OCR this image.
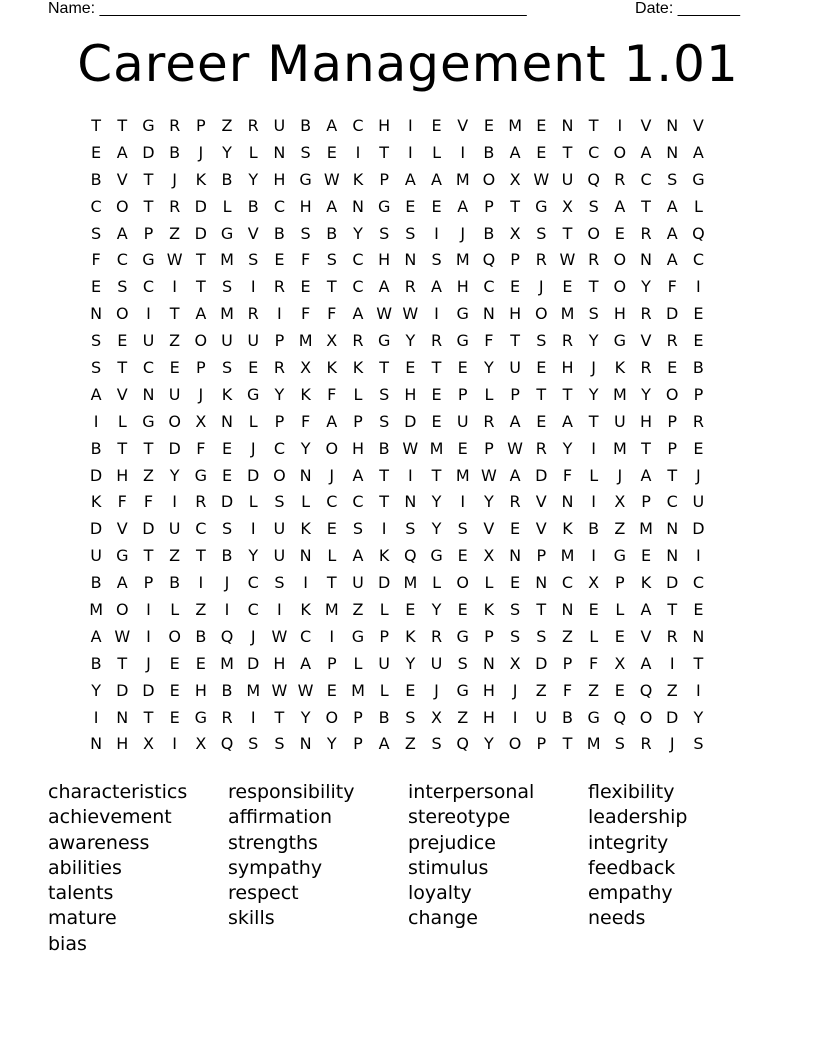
Name: ________________________________________________	Date: _______
Career Management 1.01
T	T G R P Z R U B A C H	I	E V E M E N T	I	V N V
E A D B	J	Y	L N S	E	I	T	I	L	I	B A E	T C O A N A
B V T	J	K B Y H G W K	P A A M O X W U Q R C S G
C O T R D L	B C H A N G E	E A P	T G X S A T A	L
S A P Z D G V B S B Y	S	S	I	J	B X S	T O E R A Q
F	C G W T M S	E	F	S C H N S M Q P R W R O N A C
E	S C	I	T	S	I	R E	T C A R A H C E	J	E	T O Y	F	I
N O	I	T A M R	I	F	F	A W W I	G N H O M S H R D E
S	E U Z O U U P M X R G Y R G F	T	S R Y G V R E
S	T C E	P	S	E R X K K	T	E	T	E	Y U E H	J	K R E B
A V N U	J	K G Y	K	F	L	S H E	P	L	P	T	T	Y M Y O P
I	L G O X N L	P	F	A P	S D E U R A E A T U H P R
B T	T D F	E	J	C Y O H B W M E	P W R Y	I	M T	P	E
D H Z Y G E D O N	J	A T	I	T M W A D F	L	J	A T	J
K	F	F	I	R D L	S	L	C C T N Y	I	Y R V N	I	X P C U
D V D U C S	I	U K E	S	I	S	Y	S V E V K B Z M N D
U G T Z T B Y U N L	A K Q G E X N P M	I	G E N	I
B A P B	I	J	C S	I	T U D M L O L	E N C X P	K D C
M O	I	L	Z	I	C	I	K M Z	L	E	Y	E K S	T N E	L	A T	E
A W I	O B Q	J W C	I	G P	K R G P	S	S Z	L	E V R N
B T	J	E	E M D H A P	L U Y U S N X D P	F	X A	I	T
Y D D E H B M W W E M L	E	J	G H	J	Z	F	Z E Q Z	I
I	N T	E G R	I	T	Y O P B S X Z H	I	U B G Q O D Y
N H X	I	X Q S	S N Y	P A Z S Q Y O P	T M S R	J	S
characteristics
achievement
awareness
abilities
talents
mature
bias
responsibility
affirmation
strengths
sympathy
respect
skills
interpersonal
stereotype
prejudice
stimulus
loyalty
change
flexibility
leadership
integrity
feedback
empathy
needs
